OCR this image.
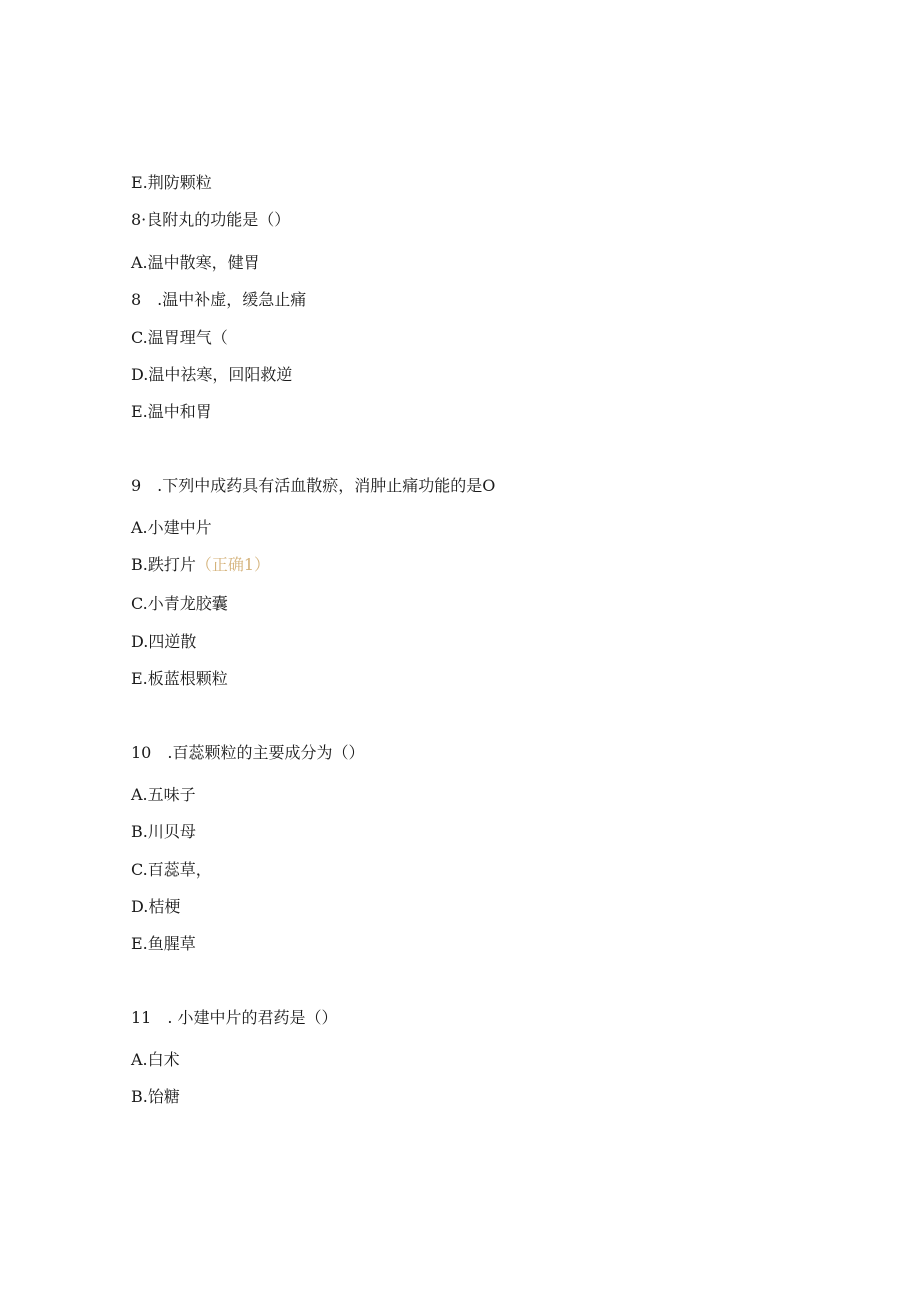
E.荆防颗粒
8·良附丸的功能是（）
A.温中散寒，健胃
8　.温中补虚，缓急止痛
C.温胃理气（
D.温中祛寒，回阳救逆
E.温中和胃
9　.下列中成药具有活血散瘀，消肿止痛功能的是O
A.小建中片
B.跌打片（正确1）
C.小青龙胶囊
D.四逆散
E.板蓝根颗粒
10　.百蕊颗粒的主要成分为（）
A.五味子
B.川贝母
C.百蕊草，
D.桔梗
E.鱼腥草
11　. 小建中片的君药是（）
A.白术
B.饴糖
